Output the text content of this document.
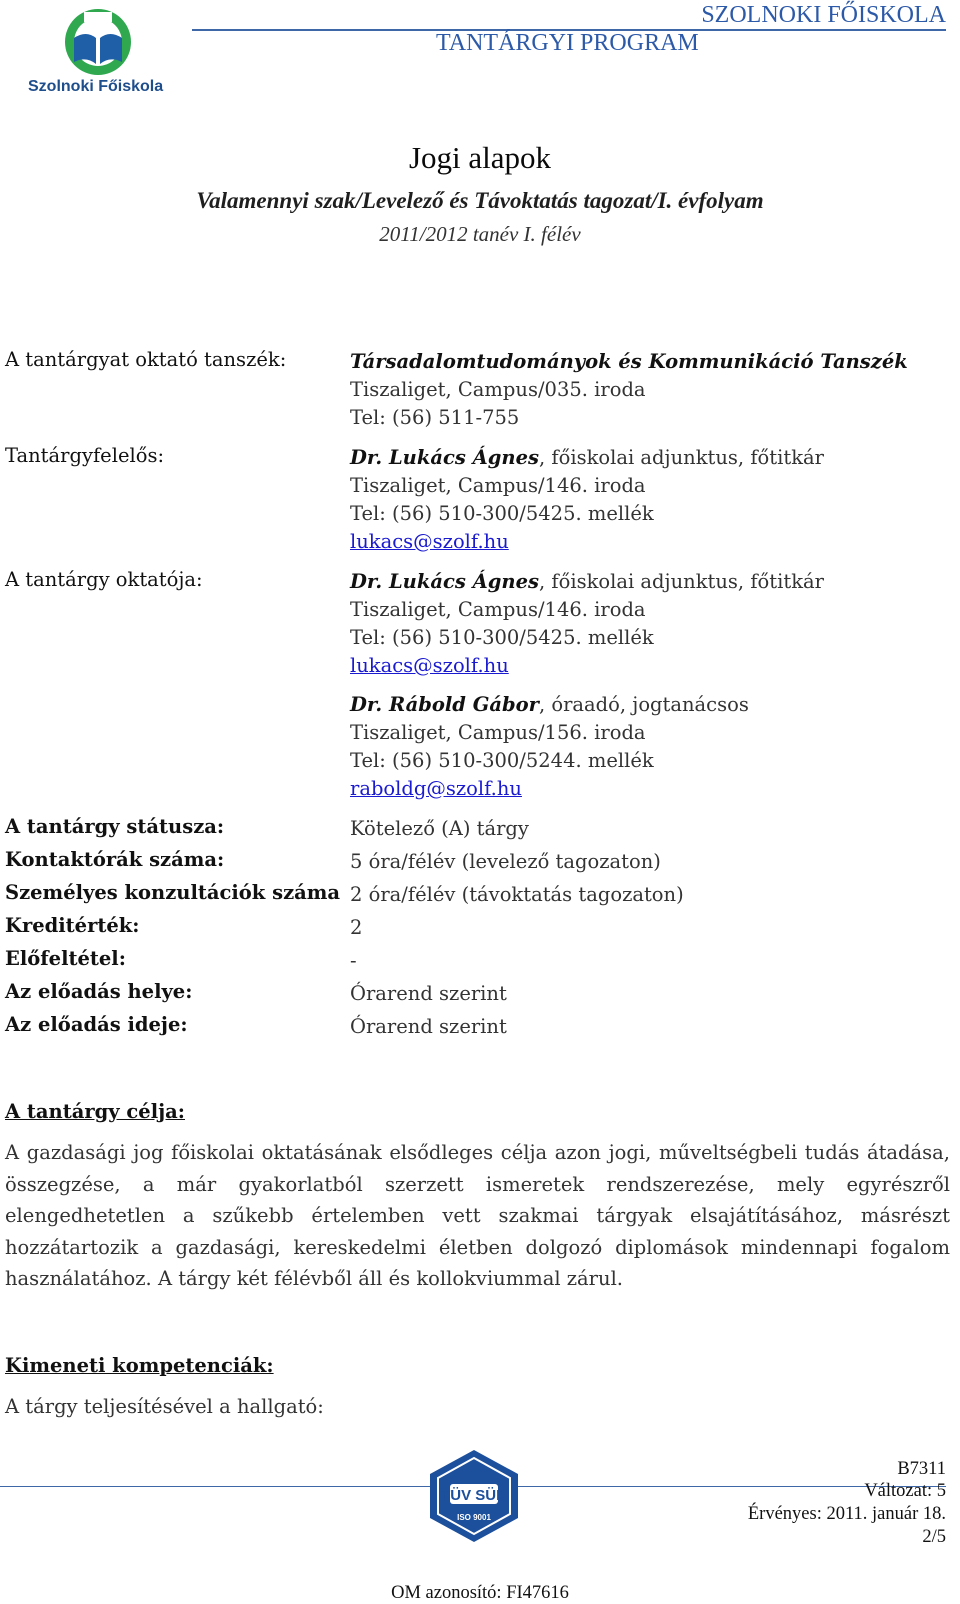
Szolnoki Főiskola
SZOLNOKI FŐISKOLA
TANTÁRGYI PROGRAM
Jogi alapok
Valamennyi szak/Levelező és Távoktatás tagozat/I. évfolyam
2011/2012 tanév I. félév
A tantárgyat oktató tanszék:	Társadalomtudományok és Kommunikáció Tanszék
Tiszaliget, Campus/035. iroda
Tel: (56) 511-755
Tantárgyfelelős:	Dr. Lukács Ágnes, főiskolai adjunktus, főtitkár
Tiszaliget, Campus/146. iroda
Tel: (56) 510-300/5425. mellék
lukacs@szolf.hu
A tantárgy oktatója:	Dr. Lukács Ágnes, főiskolai adjunktus, főtitkár
Tiszaliget, Campus/146. iroda
Tel: (56) 510-300/5425. mellék
lukacs@szolf.hu
Dr. Rábold Gábor, óraadó, jogtanácsos
Tiszaliget, Campus/156. iroda
Tel: (56) 510-300/5244. mellék
raboldg@szolf.hu
A tantárgy státusza:	Kötelező (A) tárgy
Kontaktórák száma:	5 óra/félév (levelező tagozaton)
Személyes konzultációk száma 2 óra/félév (távoktatás tagozaton)
Kreditérték:	2
Előfeltétel:	-
Az előadás helye:	Órarend szerint
Az előadás ideje:	Órarend szerint
A tantárgy célja:
A gazdasági jog főiskolai oktatásának elsődleges célja azon jogi, műveltségbeli tudás átadása, összegzése, a már gyakorlatból szerzett ismeretek rendszerezése, mely egyrészről elengedhetetlen a szűkebb értelemben vett szakmai tárgyak elsajátításához, másrészt hozzátartozik a gazdasági, kereskedelmi életben dolgozó diplomások mindennapi fogalom használatához. A tárgy két félévből áll és kollokviummal zárul.
Kimeneti kompetenciák:
A tárgy teljesítésével a hallgató:
TÜV SÜD
ISO 9001
B7311
Változat: 5
Érvényes: 2011. január 18.
2/5
OM azonosító: FI47616
